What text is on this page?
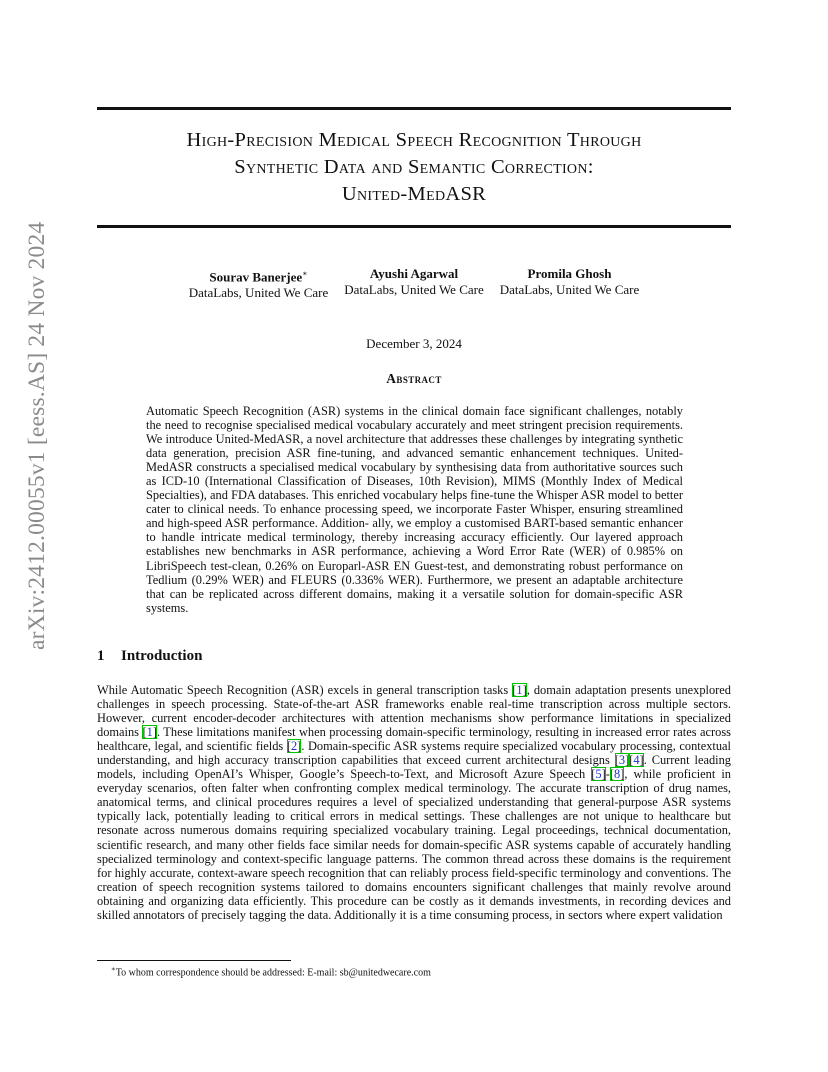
arXiv:2412.00055v1 [eess.AS] 24 Nov 2024
High-Precision Medical Speech Recognition Through
Synthetic Data and Semantic Correction:
United-MedASR
Sourav Banerjee∗
DataLabs, United We Care
Ayushi Agarwal
DataLabs, United We Care
Promila Ghosh
DataLabs, United We Care
December 3, 2024
Abstract
Automatic Speech Recognition (ASR) systems in the clinical domain face significant challenges, notably the need to recognise specialised medical vocabulary accurately and meet stringent precision requirements. We introduce United-MedASR, a novel architecture that addresses these challenges by integrating synthetic data generation, precision ASR fine-tuning, and advanced semantic enhancement techniques. United-MedASR constructs a specialised medical vocabulary by synthesising data from authoritative sources such as ICD-10 (International Classification of Diseases, 10th Revision), MIMS (Monthly Index of Medical Specialties), and FDA databases. This enriched vocabulary helps fine-tune the Whisper ASR model to better cater to clinical needs. To enhance processing speed, we incorporate Faster Whisper, ensuring streamlined and high-speed ASR performance. Addition- ally, we employ a customised BART-based semantic enhancer to handle intricate medical terminology, thereby increasing accuracy efficiently. Our layered approach establishes new benchmarks in ASR performance, achieving a Word Error Rate (WER) of 0.985% on LibriSpeech test-clean, 0.26% on Europarl-ASR EN Guest-test, and demonstrating robust performance on Tedlium (0.29% WER) and FLEURS (0.336% WER). Furthermore, we present an adaptable architecture that can be replicated across different domains, making it a versatile solution for domain-specific ASR systems.
1 Introduction
While Automatic Speech Recognition (ASR) excels in general transcription tasks [ 1 ] , domain adaptation presents unexplored challenges in speech processing. State-of-the-art ASR frameworks enable real-time transcription across multiple sectors. However, current encoder-decoder architectures with attention mechanisms show performance limitations in specialized domains [ 1 ] . These limitations manifest when processing domain-specific terminology, resulting in increased error rates across healthcare, legal, and scientific fields [ 2 ] . Domain-specific ASR systems require specialized vocabulary processing, contextual understanding, and high accuracy transcription capabilities that exceed current architectural designs [ 3 ] [ 4 ] . Current leading models, including OpenAI’s Whisper, Google’s Speech-to-Text, and Microsoft Azure Speech [ 5 ] - [ 8 ] , while proficient in everyday scenarios, often falter when confronting complex medical terminology. The accurate transcription of drug names, anatomical terms, and clinical procedures requires a level of specialized understanding that general-purpose ASR systems typically lack, potentially leading to critical errors in medical settings. These challenges are not unique to healthcare but resonate across numerous domains requiring specialized vocabulary training. Legal proceedings, technical documentation, scientific research, and many other fields face similar needs for domain-specific ASR systems capable of accurately handling specialized terminology and context-specific language patterns. The common thread across these domains is the requirement for highly accurate, context-aware speech recognition that can reliably process field-specific terminology and conventions. The creation of speech recognition systems tailored to domains encounters significant challenges that mainly revolve around obtaining and organizing data efficiently. This procedure can be costly as it demands investments, in recording devices and skilled annotators of precisely tagging the data. Additionally it is a time consuming process, in sectors where expert validation
∗To whom correspondence should be addressed: E-mail: sb@unitedwecare.com
